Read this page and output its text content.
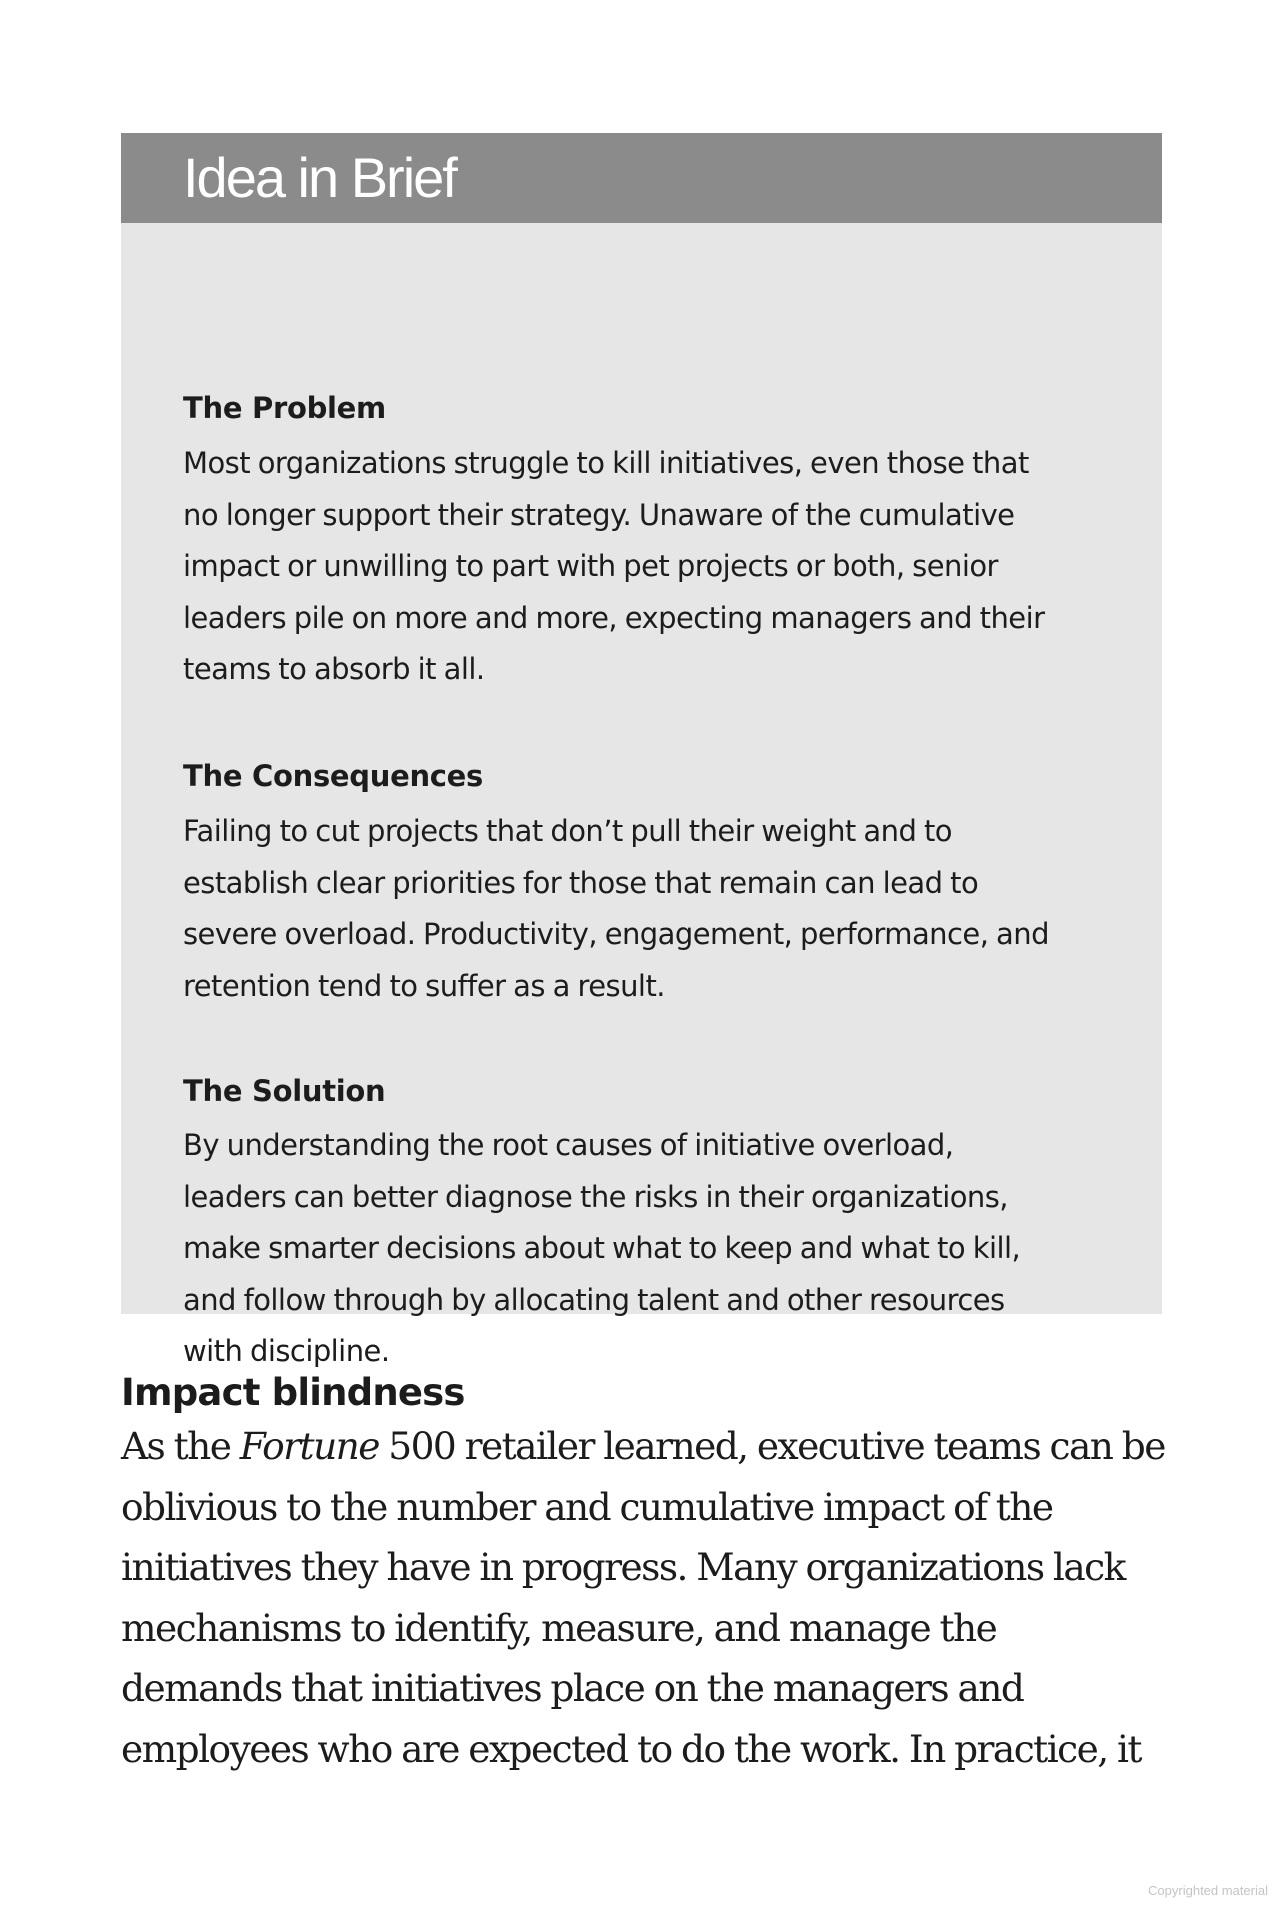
Idea in Brief
The Problem

Most organizations struggle to kill initiatives, even those that
no longer support their strategy. Unaware of the cumulative
impact or unwilling to part with pet projects or both, senior
leaders pile on more and more, expecting managers and their
teams to absorb it all.

The Consequences

Failing to cut projects that don’t pull their weight and to
establish clear priorities for those that remain can lead to
severe overload. Productivity, engagement, performance, and
retention tend to suffer as a result.

The Solution

By understanding the root causes of initiative overload,
leaders can better diagnose the risks in their organizations,
make smarter decisions about what to keep and what to kill,
and follow through by allocating talent and other resources
with discipline.

Impact blindness

As the Fortune 500 retailer learned, executive teams can be
oblivious to the number and cumulative impact of the
initiatives they have in progress. Many organizations lack
mechanisms to identify, measure, and manage the
demands that initiatives place on the managers and
employees who are expected to do the work. In practice, it

Copyrighted material
